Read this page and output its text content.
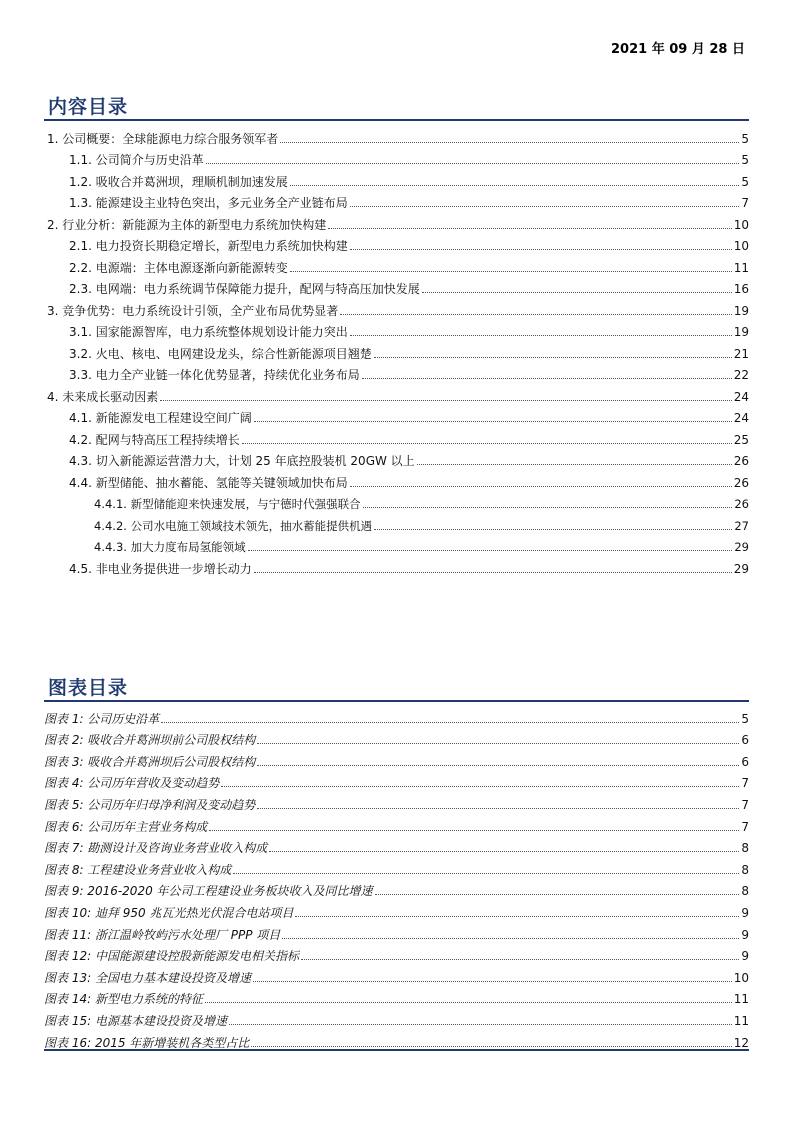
2021 年 09 月 28 日
内容目录
1. 公司概要：全球能源电力综合服务领军者	5
1.1. 公司简介与历史沿革	5
1.2. 吸收合并葛洲坝，理顺机制加速发展	5
1.3. 能源建设主业特色突出，多元业务全产业链布局	7
2. 行业分析：新能源为主体的新型电力系统加快构建	10
2.1. 电力投资长期稳定增长，新型电力系统加快构建	10
2.2. 电源端：主体电源逐渐向新能源转变	11
2.3. 电网端：电力系统调节保障能力提升，配网与特高压加快发展	16
3. 竞争优势：电力系统设计引领，全产业布局优势显著	19
3.1. 国家能源智库，电力系统整体规划设计能力突出	19
3.2. 火电、核电、电网建设龙头，综合性新能源项目翘楚	21
3.3. 电力全产业链一体化优势显著，持续优化业务布局	22
4. 未来成长驱动因素	24
4.1. 新能源发电工程建设空间广阔	24
4.2. 配网与特高压工程持续增长	25
4.3. 切入新能源运营潜力大，计划 25 年底控股装机 20GW 以上	26
4.4. 新型储能、抽水蓄能、氢能等关键领域加快布局	26
4.4.1. 新型储能迎来快速发展，与宁德时代强强联合	26
4.4.2. 公司水电施工领域技术领先，抽水蓄能提供机遇	27
4.4.3. 加大力度布局氢能领域	29
4.5. 非电业务提供进一步增长动力	29
图表目录
图表 1: 公司历史沿革	5
图表 2: 吸收合并葛洲坝前公司股权结构	6
图表 3: 吸收合并葛洲坝后公司股权结构	6
图表 4: 公司历年营收及变动趋势	7
图表 5: 公司历年归母净利润及变动趋势	7
图表 6: 公司历年主营业务构成	7
图表 7: 勘测设计及咨询业务营业收入构成	8
图表 8: 工程建设业务营业收入构成	8
图表 9: 2016-2020 年公司工程建设业务板块收入及同比增速	8
图表 10: 迪拜 950 兆瓦光热光伏混合电站项目	9
图表 11: 浙江温岭牧屿污水处理厂 PPP 项目	9
图表 12: 中国能源建设控股新能源发电相关指标	9
图表 13: 全国电力基本建设投资及增速	10
图表 14: 新型电力系统的特征	11
图表 15: 电源基本建设投资及增速	11
图表 16: 2015 年新增装机各类型占比	12
